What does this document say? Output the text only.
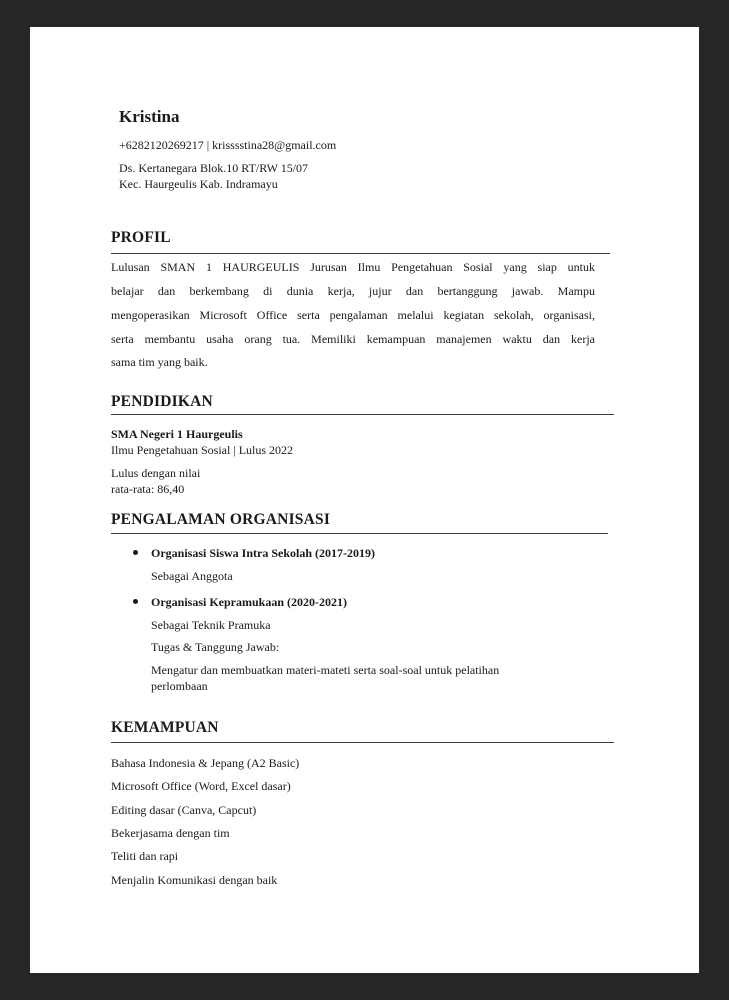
Kristina
+6282120269217 | krisssstina28@gmail.com
Ds. Kertanegara Blok.10 RT/RW 15/07
Kec. Haurgeulis Kab. Indramayu
PROFIL
Lulusan SMAN 1 HAURGEULIS Jurusan Ilmu Pengetahuan Sosial yang siap untuk
belajar dan berkembang di dunia kerja, jujur dan bertanggung jawab. Mampu
mengoperasikan Microsoft Office serta pengalaman melalui kegiatan sekolah, organisasi,
serta membantu usaha orang tua. Memiliki kemampuan manajemen waktu dan kerja
sama tim yang baik.
PENDIDIKAN
SMA Negeri 1 Haurgeulis
Ilmu Pengetahuan Sosial | Lulus 2022
Lulus dengan nilai
rata-rata: 86,40
PENGALAMAN ORGANISASI
Organisasi Siswa Intra Sekolah (2017-2019)
Sebagai Anggota
Organisasi Kepramukaan (2020-2021)
Sebagai Teknik Pramuka
Tugas & Tanggung Jawab:
Mengatur dan membuatkan materi-mateti serta soal-soal untuk pelatihan
perlombaan
KEMAMPUAN
Bahasa Indonesia & Jepang (A2 Basic)
Microsoft Office (Word, Excel dasar)
Editing dasar (Canva, Capcut)
Bekerjasama dengan tim
Teliti dan rapi
Menjalin Komunikasi dengan baik
